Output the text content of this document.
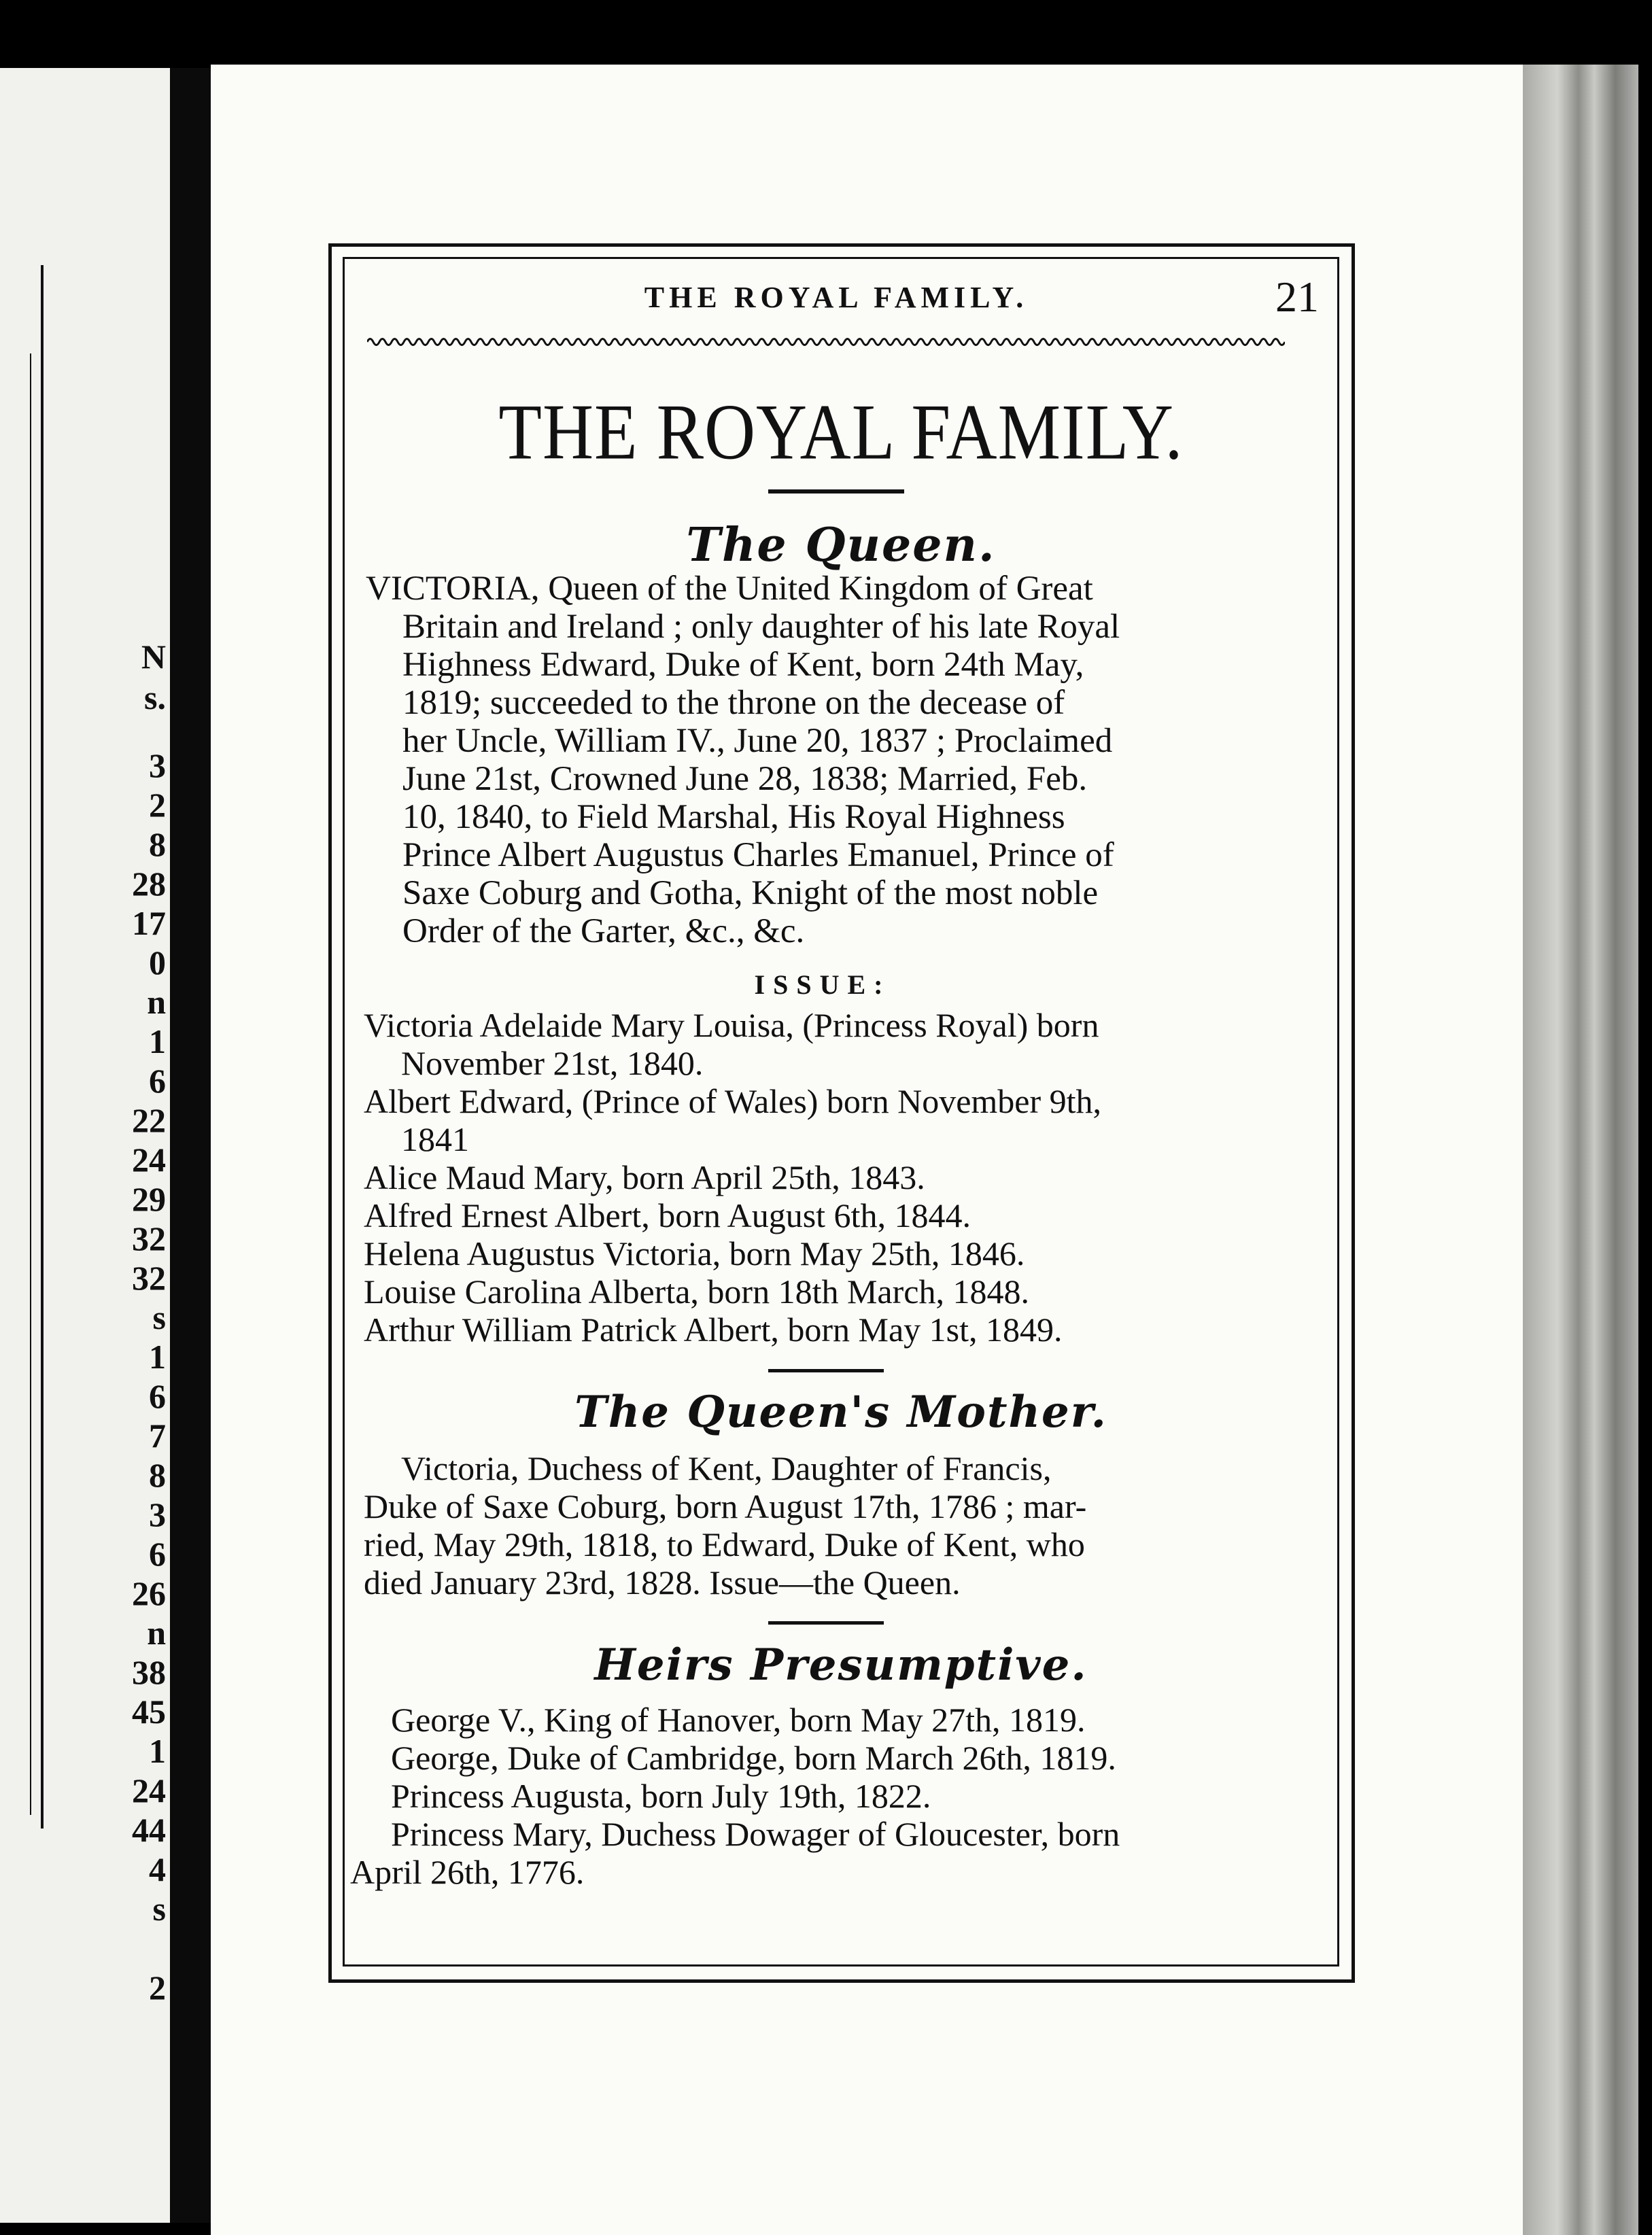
N
s.
3
2
8
28
17
0
n
1
6
22
24
29
32
32
s
1
6
7
8
3
6
26
n
38
45
1
24
44
4
s
2
THE ROYAL FAMILY.	21
THE ROYAL FAMILY.
The Queen.
VICTORIA, Queen of the United Kingdom of Great
Britain and Ireland ; only daughter of his late Royal
Highness Edward, Duke of Kent, born 24th May,
1819; succeeded to the throne on the decease of
her Uncle, William IV., June 20, 1837 ; Proclaimed
June 21st, Crowned June 28, 1838; Married, Feb.
10, 1840, to Field Marshal, His Royal Highness
Prince Albert Augustus Charles Emanuel, Prince of
Saxe Coburg and Gotha, Knight of the most noble
Order of the Garter, &c., &c.
ISSUE:
Victoria Adelaide Mary Louisa, (Princess Royal) born
November 21st, 1840.
Albert Edward, (Prince of Wales) born November 9th,
1841
Alice Maud Mary, born April 25th, 1843.
Alfred Ernest Albert, born August 6th, 1844.
Helena Augustus Victoria, born May 25th, 1846.
Louise Carolina Alberta, born 18th March, 1848.
Arthur William Patrick Albert, born May 1st, 1849.
The Queen's Mother.
Victoria, Duchess of Kent, Daughter of Francis,
Duke of Saxe Coburg, born August 17th, 1786 ; mar-
ried, May 29th, 1818, to Edward, Duke of Kent, who
died January 23rd, 1828. Issue—the Queen.
Heirs Presumptive.
George V., King of Hanover, born May 27th, 1819.
George, Duke of Cambridge, born March 26th, 1819.
Princess Augusta, born July 19th, 1822.
Princess Mary, Duchess Dowager of Gloucester, born
April 26th, 1776.
